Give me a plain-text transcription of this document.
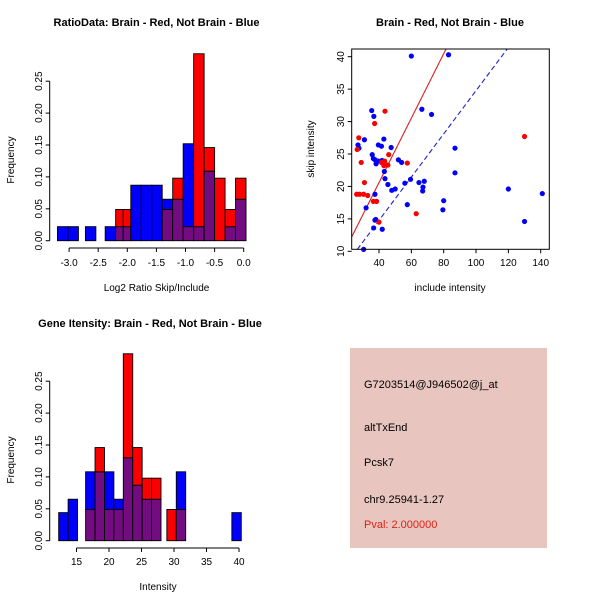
-3.0 -2.5 -2.0 -1.5 -1.0 -0.5 0.0
Log2 Ratio Skip/Include
0.00
0.05
0.10
0.15
0.20
0.25
Frequency
RatioData: Brain - Red, Not Brain - Blue
40 60 80 100 120 140
include intensity
10
15
20
25
30
35
40
skip intensity
Brain - Red, Not Brain - Blue
15 20 25 30 35 40
Intensity
0.00
0.05
0.10
0.15
0.20
0.25
Frequency
Gene Itensity: Brain - Red, Not Brain - Blue
G7203514@J946502@j_at
altTxEnd
Pcsk7
chr9.25941-1.27
Pval: 2.000000
